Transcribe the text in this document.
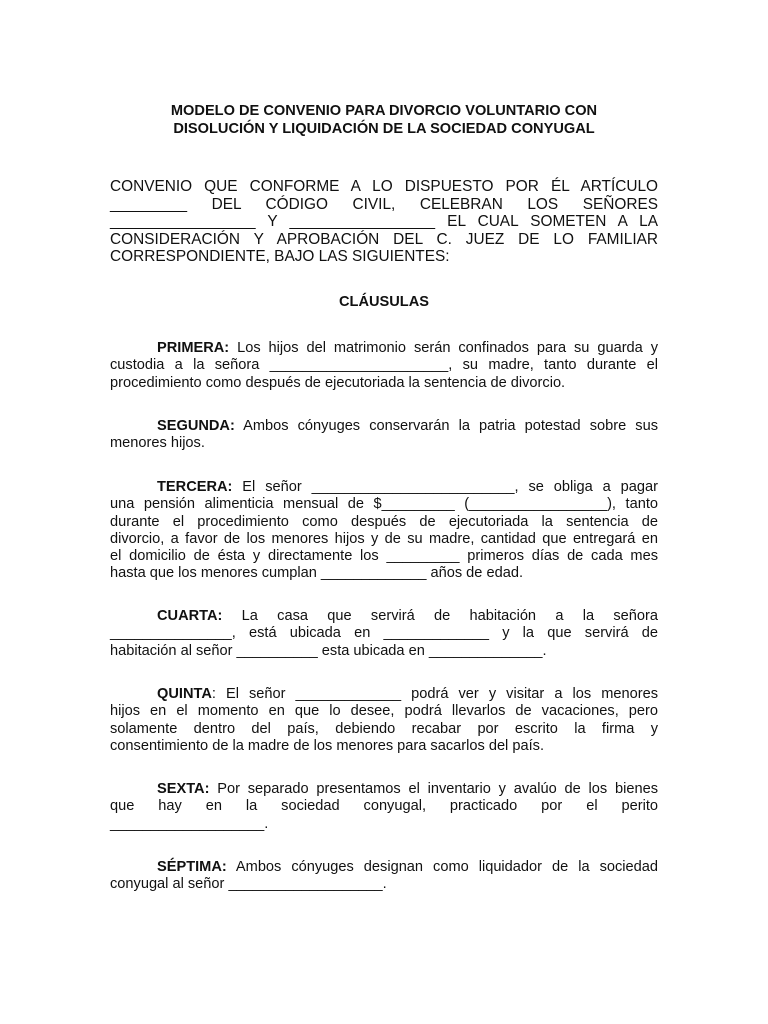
MODELO DE CONVENIO PARA DIVORCIO VOLUNTARIO CON
DISOLUCIÓN Y LIQUIDACIÓN DE LA SOCIEDAD CONYUGAL
CONVENIO QUE CONFORME A LO DISPUESTO POR ÉL ARTÍCULO
_________ DEL CÓDIGO CIVIL, CELEBRAN LOS SEÑORES
_________________ Y _________________ EL CUAL SOMETEN A LA
CONSIDERACIÓN Y APROBACIÓN DEL C. JUEZ DE LO FAMILIAR
CORRESPONDIENTE, BAJO LAS SIGUIENTES:
CLÁUSULAS
PRIMERA: Los hijos del matrimonio serán confinados para su guarda y
custodia a la señora ______________________, su madre, tanto durante el
procedimiento como después de ejecutoriada la sentencia de divorcio.
SEGUNDA: Ambos cónyuges conservarán la patria potestad sobre sus
menores hijos.
TERCERA: El señor _________________________, se obliga a pagar
una pensión alimenticia mensual de $_________ (_________________), tanto
durante el procedimiento como después de ejecutoriada la sentencia de
divorcio, a favor de los menores hijos y de su madre, cantidad que entregará en
el domicilio de ésta y directamente los _________ primeros días de cada mes
hasta que los menores cumplan _____________ años de edad.
CUARTA: La casa que servirá de habitación a la señora
_______________, está ubicada en _____________ y la que servirá de
habitación al señor __________ esta ubicada en ______________.
QUINTA: El señor _____________ podrá ver y visitar a los menores
hijos en el momento en que lo desee, podrá llevarlos de vacaciones, pero
solamente dentro del país, debiendo recabar por escrito la firma y
consentimiento de la madre de los menores para sacarlos del país.
SEXTA: Por separado presentamos el inventario y avalúo de los bienes
que hay en la sociedad conyugal, practicado por el perito
___________________.
SÉPTIMA: Ambos cónyuges designan como liquidador de la sociedad
conyugal al señor ___________________.
